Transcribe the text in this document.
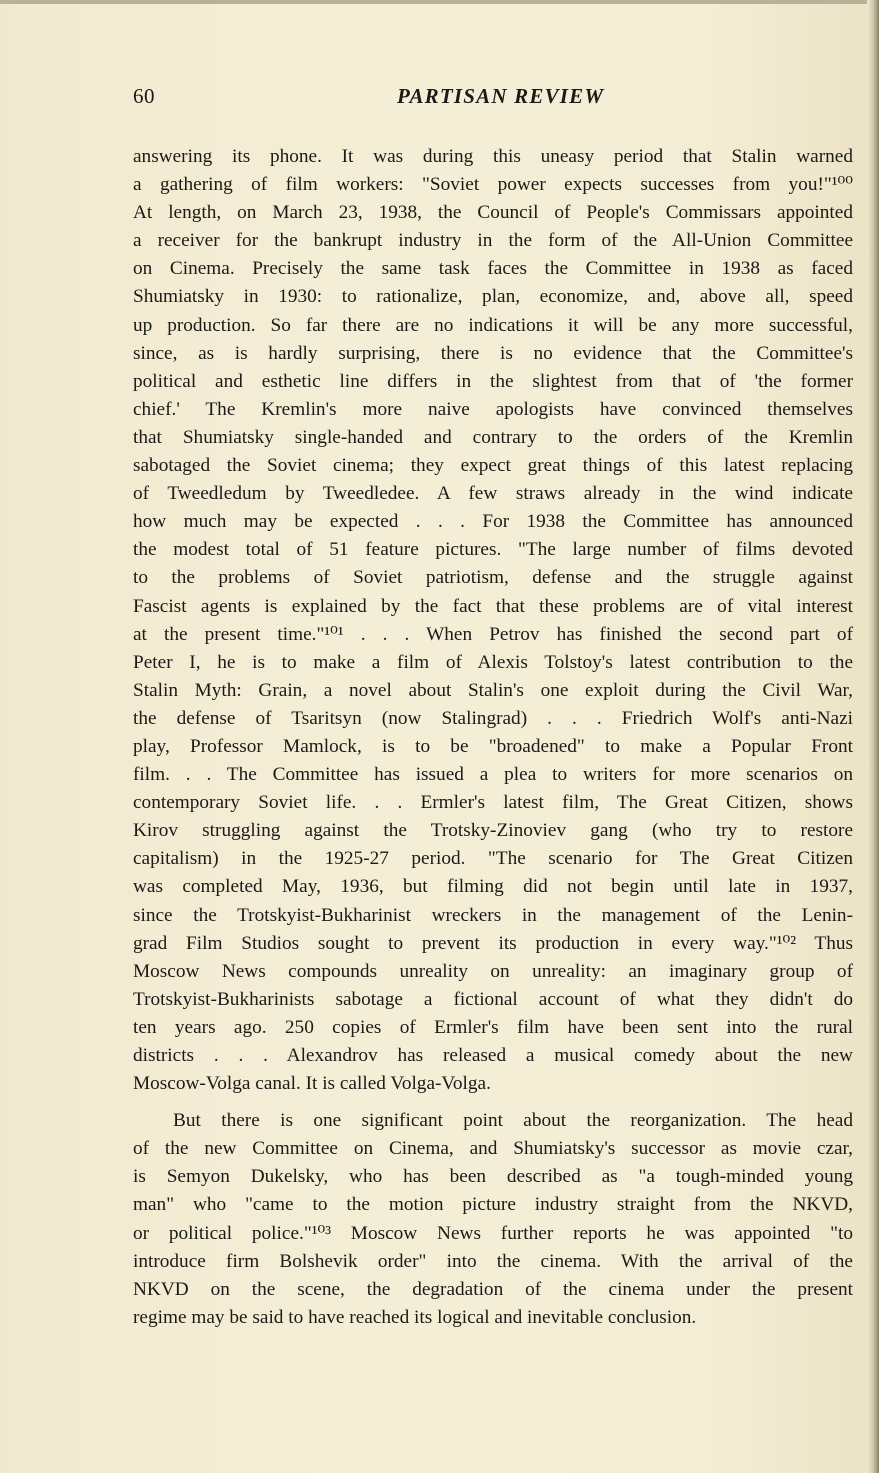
60	PARTISAN REVIEW
answering its phone. It was during this uneasy period that Stalin warned
a gathering of film workers: "Soviet power expects successes from you!"¹⁰⁰
At length, on March 23, 1938, the Council of People's Commissars appointed
a receiver for the bankrupt industry in the form of the All-Union Committee
on Cinema. Precisely the same task faces the Committee in 1938 as faced
Shumiatsky in 1930: to rationalize, plan, economize, and, above all, speed
up production. So far there are no indications it will be any more successful,
since, as is hardly surprising, there is no evidence that the Committee's
political and esthetic line differs in the slightest from that of 'the former
chief.' The Kremlin's more naive apologists have convinced themselves
that Shumiatsky single-handed and contrary to the orders of the Kremlin
sabotaged the Soviet cinema; they expect great things of this latest replacing
of Tweedledum by Tweedledee. A few straws already in the wind indicate
how much may be expected . . . For 1938 the Committee has announced
the modest total of 51 feature pictures. "The large number of films devoted
to the problems of Soviet patriotism, defense and the struggle against
Fascist agents is explained by the fact that these problems are of vital interest
at the present time."¹⁰¹ . . . When Petrov has finished the second part of
Peter I, he is to make a film of Alexis Tolstoy's latest contribution to the
Stalin Myth: Grain, a novel about Stalin's one exploit during the Civil War,
the defense of Tsaritsyn (now Stalingrad) . . . Friedrich Wolf's anti-Nazi
play, Professor Mamlock, is to be "broadened" to make a Popular Front
film. . . The Committee has issued a plea to writers for more scenarios on
contemporary Soviet life. . . Ermler's latest film, The Great Citizen, shows
Kirov struggling against the Trotsky-Zinoviev gang (who try to restore
capitalism) in the 1925-27 period. "The scenario for The Great Citizen
was completed May, 1936, but filming did not begin until late in 1937,
since the Trotskyist-Bukharinist wreckers in the management of the Lenin-
grad Film Studios sought to prevent its production in every way."¹⁰² Thus
Moscow News compounds unreality on unreality: an imaginary group of
Trotskyist-Bukharinists sabotage a fictional account of what they didn't do
ten years ago. 250 copies of Ermler's film have been sent into the rural
districts . . . Alexandrov has released a musical comedy about the new
Moscow-Volga canal. It is called Volga-Volga.
But there is one significant point about the reorganization. The head
of the new Committee on Cinema, and Shumiatsky's successor as movie czar,
is Semyon Dukelsky, who has been described as "a tough-minded young
man" who "came to the motion picture industry straight from the NKVD,
or political police."¹⁰³ Moscow News further reports he was appointed "to
introduce firm Bolshevik order" into the cinema. With the arrival of the
NKVD on the scene, the degradation of the cinema under the present
regime may be said to have reached its logical and inevitable conclusion.
